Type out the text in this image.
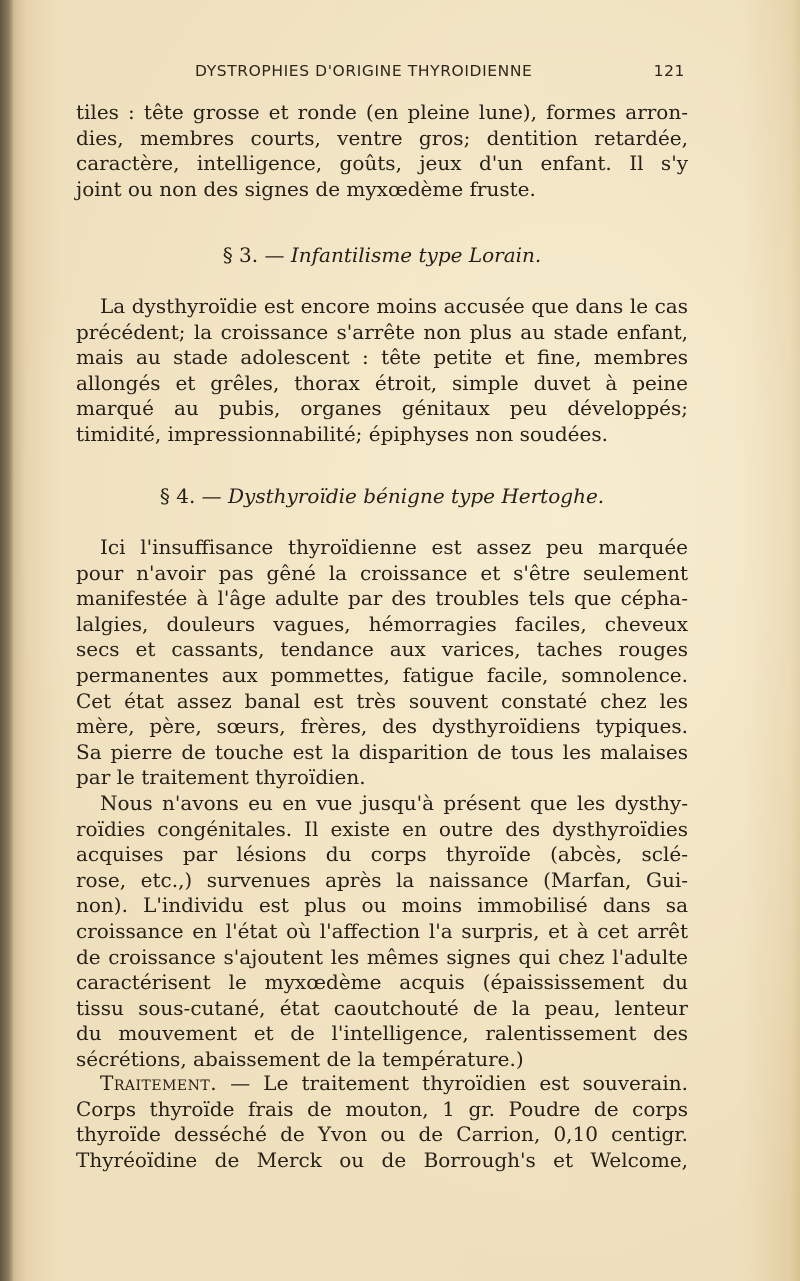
DYSTROPHIES D'ORIGINE THYROIDIENNE	121
tiles : tête grosse et ronde (en pleine lune), formes arron-
dies, membres courts, ventre gros; dentition retardée,
caractère, intelligence, goûts, jeux d'un enfant. Il s'y
joint ou non des signes de myxœdème fruste.
§ 3. — Infantilisme type Lorain.
La dysthyroïdie est encore moins accusée que dans le cas
précédent; la croissance s'arrête non plus au stade enfant,
mais au stade adolescent : tête petite et fine, membres
allongés et grêles, thorax étroit, simple duvet à peine
marqué au pubis, organes génitaux peu développés;
timidité, impressionnabilité; épiphyses non soudées.
§ 4. — Dysthyroïdie bénigne type Hertoghe.
Ici l'insuffisance thyroïdienne est assez peu marquée
pour n'avoir pas gêné la croissance et s'être seulement
manifestée à l'âge adulte par des troubles tels que cépha-
lalgies, douleurs vagues, hémorragies faciles, cheveux
secs et cassants, tendance aux varices, taches rouges
permanentes aux pommettes, fatigue facile, somnolence.
Cet état assez banal est très souvent constaté chez les
mère, père, sœurs, frères, des dysthyroïdiens typiques.
Sa pierre de touche est la disparition de tous les malaises
par le traitement thyroïdien.
Nous n'avons eu en vue jusqu'à présent que les dysthy-
roïdies congénitales. Il existe en outre des dysthyroïdies
acquises par lésions du corps thyroïde (abcès, sclé-
rose, etc.,) survenues après la naissance (Marfan, Gui-
non). L'individu est plus ou moins immobilisé dans sa
croissance en l'état où l'affection l'a surpris, et à cet arrêt
de croissance s'ajoutent les mêmes signes qui chez l'adulte
caractérisent le myxœdème acquis (épaississement du
tissu sous-cutané, état caoutchouté de la peau, lenteur
du mouvement et de l'intelligence, ralentissement des
sécrétions, abaissement de la température.)
Traitement. — Le traitement thyroïdien est souverain.
Corps thyroïde frais de mouton, 1 gr. Poudre de corps
thyroïde desséché de Yvon ou de Carrion, 0,10 centigr.
Thyréoïdine de Merck ou de Borrough's et Welcome,
